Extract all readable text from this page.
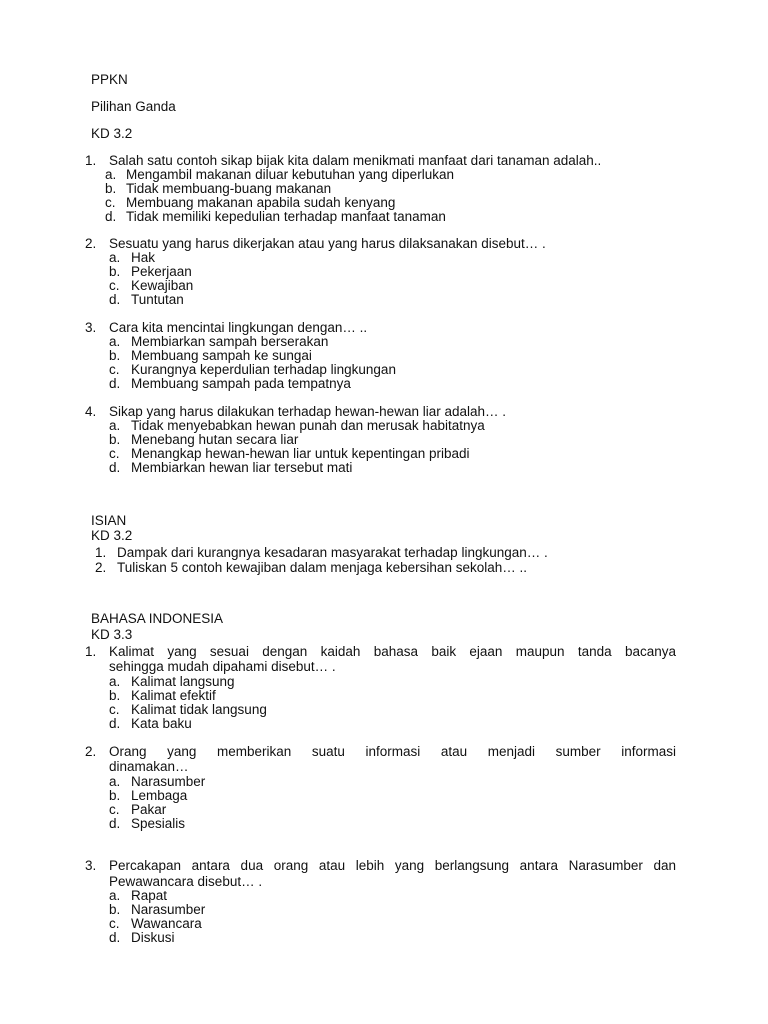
PPKN
Pilihan Ganda
KD 3.2
1. Salah satu contoh sikap bijak kita dalam menikmati manfaat dari tanaman adalah..
a. Mengambil makanan diluar kebutuhan yang diperlukan
b. Tidak membuang-buang makanan
c. Membuang makanan apabila sudah kenyang
d. Tidak memiliki kepedulian terhadap manfaat tanaman
2. Sesuatu yang harus dikerjakan atau yang harus dilaksanakan disebut… .
a. Hak
b. Pekerjaan
c. Kewajiban
d. Tuntutan
3. Cara kita mencintai lingkungan dengan… ..
a. Membiarkan sampah berserakan
b. Membuang sampah ke sungai
c. Kurangnya keperdulian terhadap lingkungan
d. Membuang sampah pada tempatnya
4. Sikap yang harus dilakukan terhadap hewan-hewan liar adalah… .
a. Tidak menyebabkan hewan punah dan merusak habitatnya
b. Menebang hutan secara liar
c. Menangkap hewan-hewan liar untuk kepentingan pribadi
d. Membiarkan hewan liar tersebut mati
ISIAN
KD 3.2
1. Dampak dari kurangnya kesadaran masyarakat terhadap lingkungan… .
2. Tuliskan 5 contoh kewajiban dalam menjaga kebersihan sekolah… ..
BAHASA INDONESIA
KD 3.3
1. Kalimat yang sesuai dengan kaidah bahasa baik ejaan maupun tanda bacanya
sehingga mudah dipahami disebut… .
a. Kalimat langsung
b. Kalimat efektif
c. Kalimat tidak langsung
d. Kata baku
2. Orang yang memberikan suatu informasi atau menjadi sumber informasi
dinamakan…
a. Narasumber
b. Lembaga
c. Pakar
d. Spesialis
3. Percakapan antara dua orang atau lebih yang berlangsung antara Narasumber dan
Pewawancara disebut… .
a. Rapat
b. Narasumber
c. Wawancara
d. Diskusi
